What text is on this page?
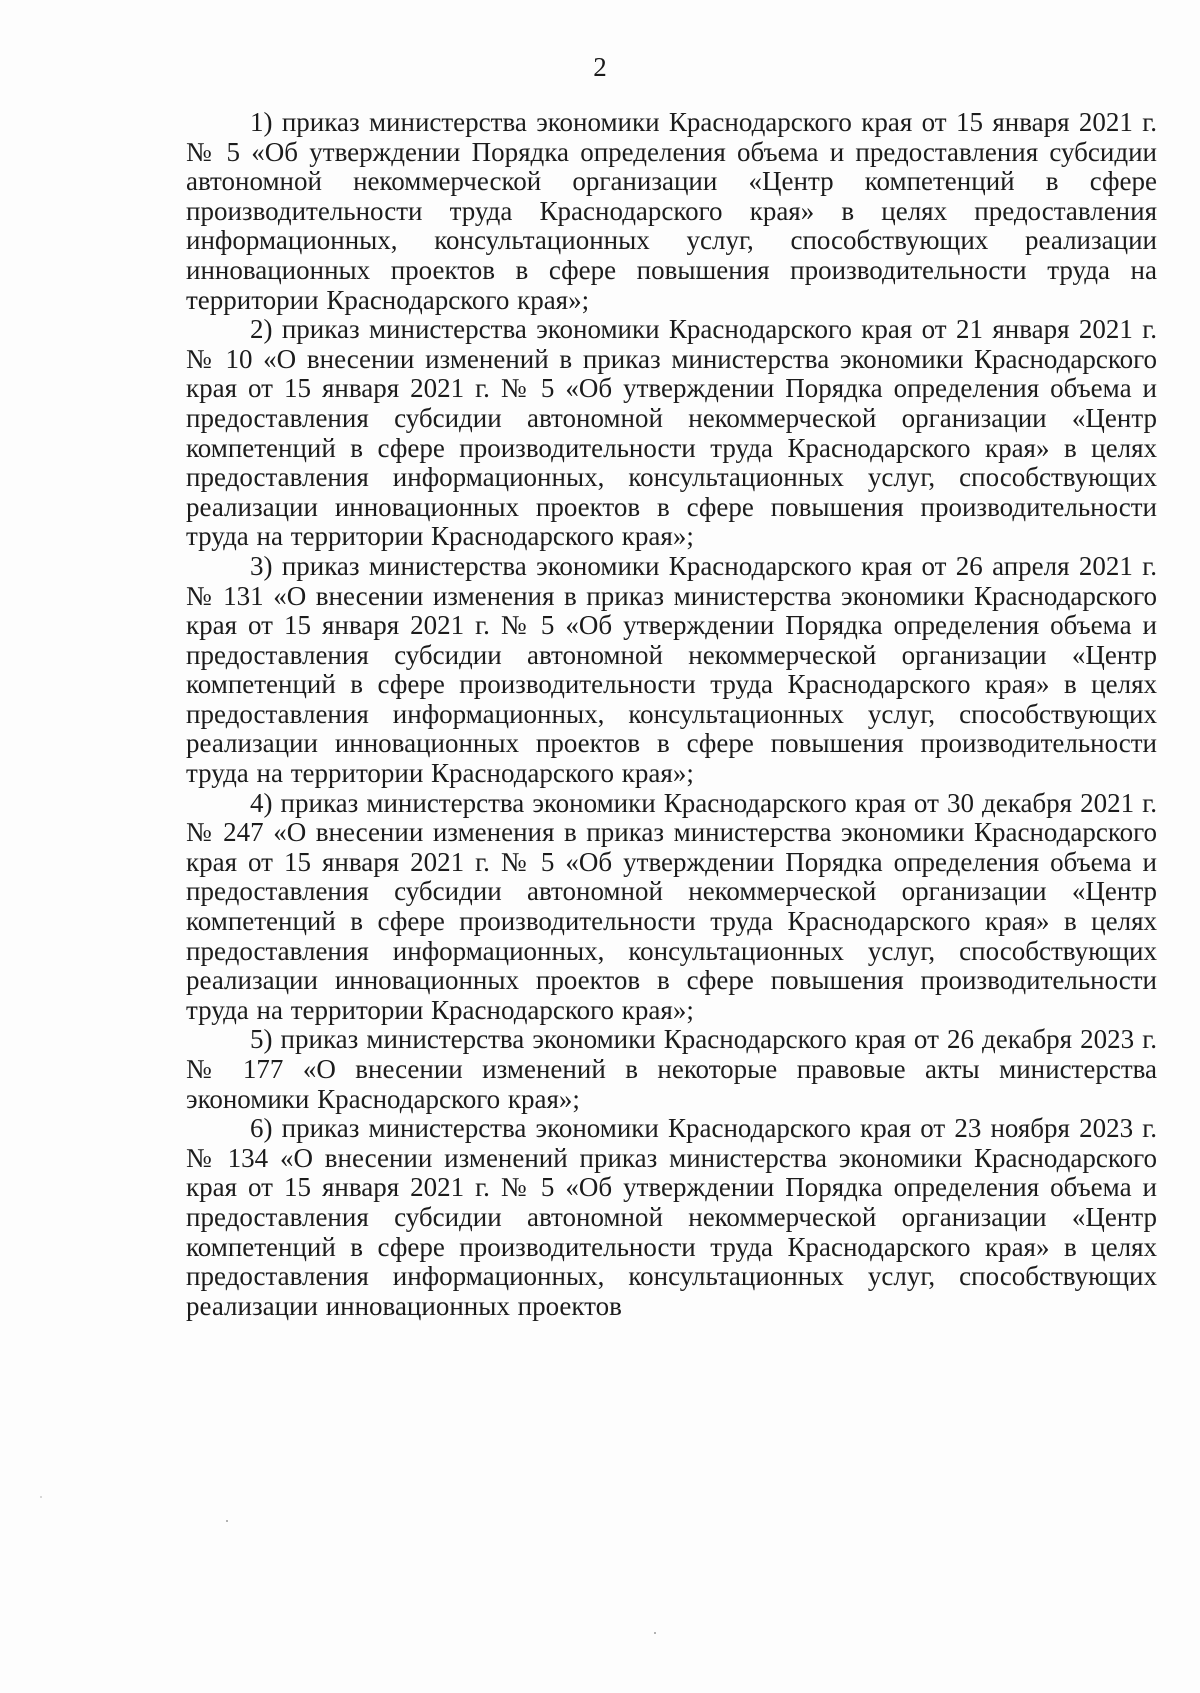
2

1) приказ министерства экономики Краснодарского края от 15 января 2021 г. № 5 «Об утверждении Порядка определения объема и предоставления субсидии автономной некоммерческой организации «Центр компетенций в сфере производительности труда Краснодарского края» в целях предоставления информационных, консультационных услуг, способствующих реализации инновационных проектов в сфере повышения производительности труда на территории Краснодарского края»;

2) приказ министерства экономики Краснодарского края от 21 января 2021 г. № 10 «О внесении изменений в приказ министерства экономики Краснодарского края от 15 января 2021 г. № 5 «Об утверждении Порядка определения объема и предоставления субсидии автономной некоммерческой организации «Центр компетенций в сфере производительности труда Краснодарского края» в целях предоставления информационных, консультационных услуг, способствующих реализации инновационных проектов в сфере повышения производительности труда на территории Краснодарского края»;

3) приказ министерства экономики Краснодарского края от 26 апреля 2021 г. № 131 «О внесении изменения в приказ министерства экономики Краснодарского края от 15 января 2021 г. № 5 «Об утверждении Порядка определения объема и предоставления субсидии автономной некоммерческой организации «Центр компетенций в сфере производительности труда Краснодарского края» в целях предоставления информационных, консультационных услуг, способствующих реализации инновационных проектов в сфере повышения производительности труда на территории Краснодарского края»;

4) приказ министерства экономики Краснодарского края от 30 декабря 2021 г. № 247 «О внесении изменения в приказ министерства экономики Краснодарского края от 15 января 2021 г. № 5 «Об утверждении Порядка определения объема и предоставления субсидии автономной некоммерческой организации «Центр компетенций в сфере производительности труда Краснодарского края» в целях предоставления информационных, консультационных услуг, способствующих реализации инновационных проектов в сфере повышения производительности труда на территории Краснодарского края»;

5) приказ министерства экономики Краснодарского края от 26 декабря 2023 г. № 177 «О внесении изменений в некоторые правовые акты министерства экономики Краснодарского края»;

6) приказ министерства экономики Краснодарского края от 23 ноября 2023 г. № 134 «О внесении изменений приказ министерства экономики Краснодарского края от 15 января 2021 г. № 5 «Об утверждении Порядка определения объема и предоставления субсидии автономной некоммерческой организации «Центр компетенций в сфере производительности труда Краснодарского края» в целях предоставления информационных, консультационных услуг, способствующих реализации инновационных проектов
